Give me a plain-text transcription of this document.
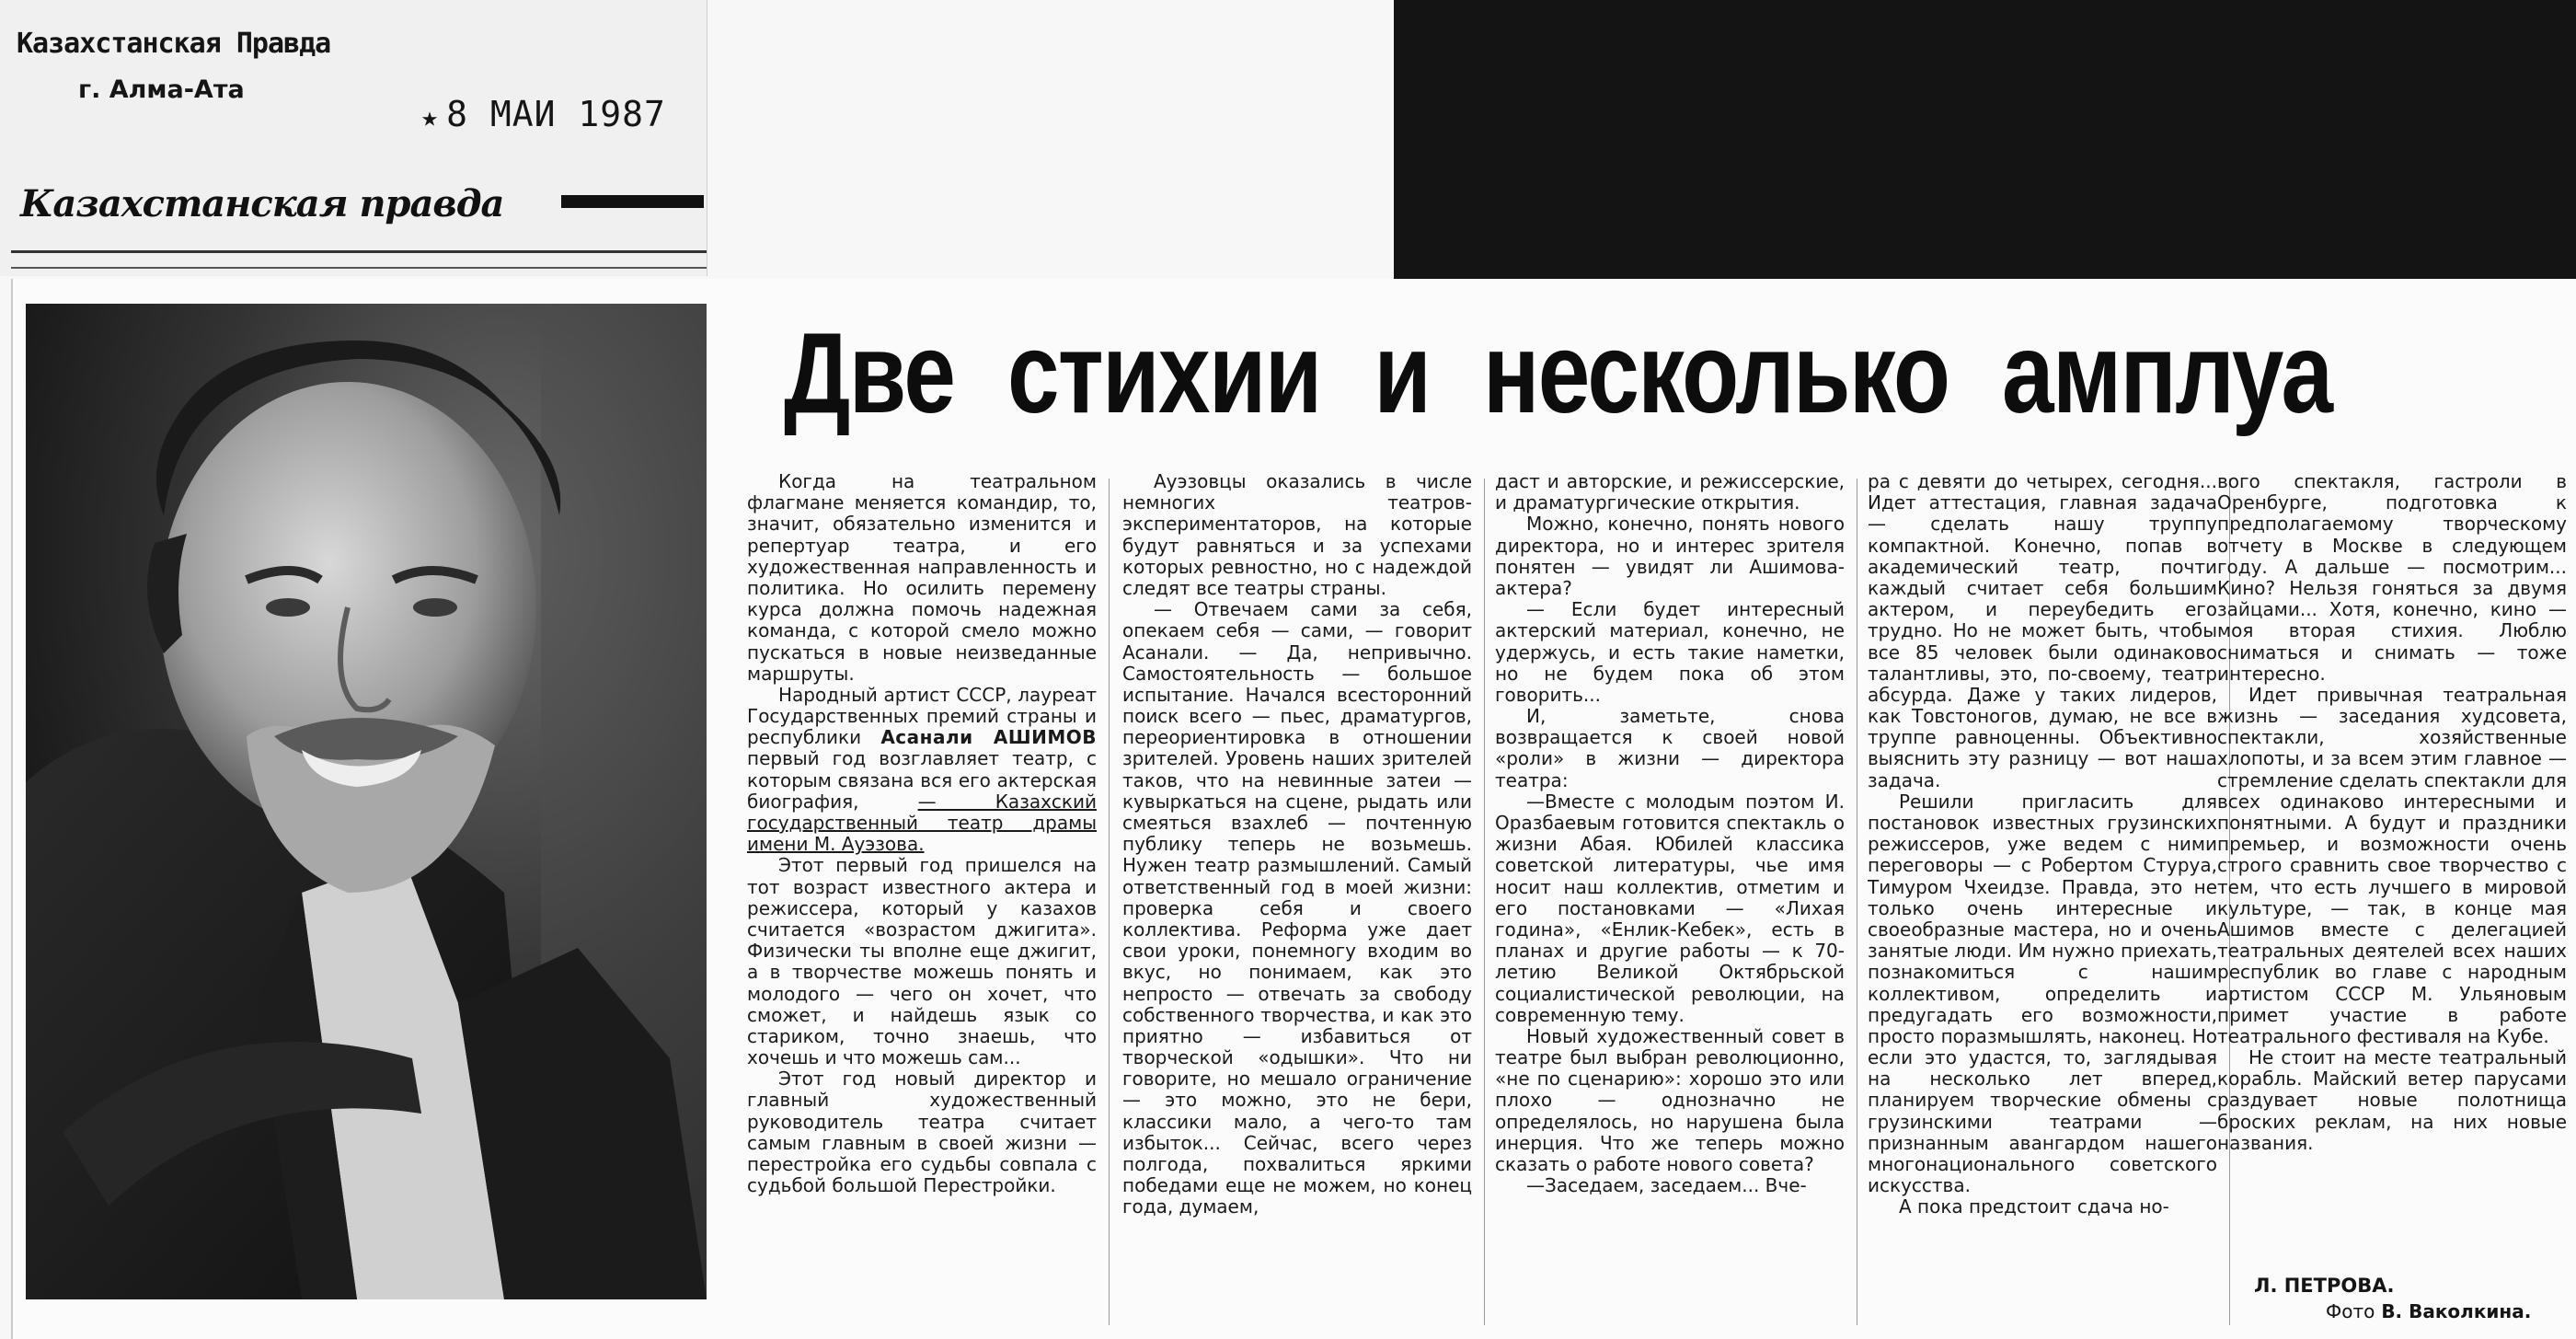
Казахстанская Правда
г. Алма-Ата
★ 8 МАИ 1987
Казахстанская правда
Две стихии и несколько амплуа

Когда на театральном флагмане меняется командир, то, значит, обязательно изменится и репертуар театра, и его художественная направленность и политика. Но осилить перемену курса должна помочь надежная команда, с которой смело можно пускаться в новые неизведанные маршруты.

Народный артист СССР, лауреат Государственных премий страны и республики Асанали АШИМОВ первый год возглавляет театр, с которым связана вся его актерская биография,	— Казахский государственный театр драмы имени М. Ауэзова.

Этот первый год пришелся на тот возраст известного актера и режиссера, который у казахов считается «возрастом джигита». Физически ты вполне еще джигит, а в творчестве можешь понять и молодого — чего он хочет, что сможет, и найдешь язык со стариком, точно знаешь, что хочешь и что можешь сам...

Этот год новый директор и главный художественный руководитель театра считает самым главным в своей жизни — перестройка его судьбы совпала с судьбой большой Перестройки.

Ауэзовцы оказались в числе немногих театров-экспериментаторов, на которые будут равняться и за успехами которых ревностно, но с надеждой следят все театры страны.

— Отвечаем сами за себя, опекаем себя — сами, — говорит Асанали. — Да, непривычно. Самостоятельность — большое испытание. Начался всесторонний поиск всего — пьес, драматургов, переориентировка в отношении зрителей. Уровень наших зрителей таков, что на невинные затеи — кувыркаться на сцене, рыдать или смеяться взахлеб — почтенную публику теперь не возьмешь. Нужен театр размышлений. Самый ответственный год в моей жизни: проверка себя и своего коллектива. Реформа уже дает свои уроки, понемногу входим во вкус, но понимаем, как это непросто — отвечать за свободу собственного творчества, и как это приятно — избавиться от творческой «одышки». Что ни говорите, но мешало ограничение — это можно, это не бери, классики мало, а чего-то там избыток... Сейчас, всего через полгода, похвалиться яркими победами еще не можем, но конец года, думаем,

даст и авторские, и режиссерские, и драматургические открытия.

Можно, конечно, понять нового директора, но и интерес зрителя понятен — увидят ли Ашимова-актера?

— Если будет интересный актерский материал, конечно, не удержусь, и есть такие наметки, но не будем пока об этом говорить...

И, заметьте, снова возвращается к своей новой «роли» в жизни — директора театра:

—Вместе с молодым поэтом И. Оразбаевым готовится спектакль о жизни Абая. Юбилей классика советской литературы, чье имя носит наш коллектив, отметим и его постановками — «Лихая година», «Енлик-Кебек», есть в планах и другие работы — к 70-летию Великой Октябрьской социалистической революции, на современную тему.

Новый художественный совет в театре был выбран революционно, «не по сценарию»: хорошо это или плохо — однозначно не определялось, но нарушена была инерция. Что же теперь можно сказать о работе нового совета?

—Заседаем, заседаем... Вче-

ра с девяти до четырех, сегодня... Идет аттестация, главная задача — сделать нашу труппу компактной. Конечно, попав в академический театр, почти каждый считает себя большим актером, и переубедить его трудно. Но не может быть, чтобы все 85 человек были одинаково талантливы, это, по-своему, театр абсурда. Даже у таких лидеров, как Товстоногов, думаю, не все в труппе равноценны. Объективно выяснить эту разницу — вот наша задача.

Решили пригласить для постановок известных грузинских режиссеров, уже ведем с ними переговоры — с Робертом Стуруа, Тимуром Чхеидзе. Правда, это не только очень интересные и своеобразные мастера, но и очень занятые люди. Им нужно приехать, познакомиться с нашим коллективом, определить и предугадать его возможности, просто поразмышлять, наконец. Но если это удастся, то, заглядывая на несколько лет вперед, планируем творческие обмены с грузинскими театрами — признанным авангардом нашего многонационального советского искусства.

А пока предстоит сдача но-

вого спектакля, гастроли в Оренбурге, подготовка к предполагаемому творческому отчету в Москве в следующем году. А дальше — посмотрим... Кино? Нельзя гоняться за двумя зайцами... Хотя, конечно, кино — моя вторая стихия. Люблю сниматься и снимать — тоже интересно.

Идет привычная театральная жизнь — заседания худсовета, спектакли, хозяйственные хлопоты, и за всем этим главное — стремление сделать спектакли для всех одинаково интересными и понятными. А будут и праздники премьер, и возможности очень строго сравнить свое творчество с тем, что есть лучшего в мировой культуре, — так, в конце мая Ашимов вместе с делегацией театральных деятелей всех наших республик во главе с народным артистом СССР М. Ульяновым примет участие в работе театрального фестиваля на Кубе.

Не стоит на месте театральный корабль. Майский ветер парусами раздувает новые полотнища броских реклам, на них новые названия.

Л. ПЕТРОВА.
Фото В. Ваколкина.
